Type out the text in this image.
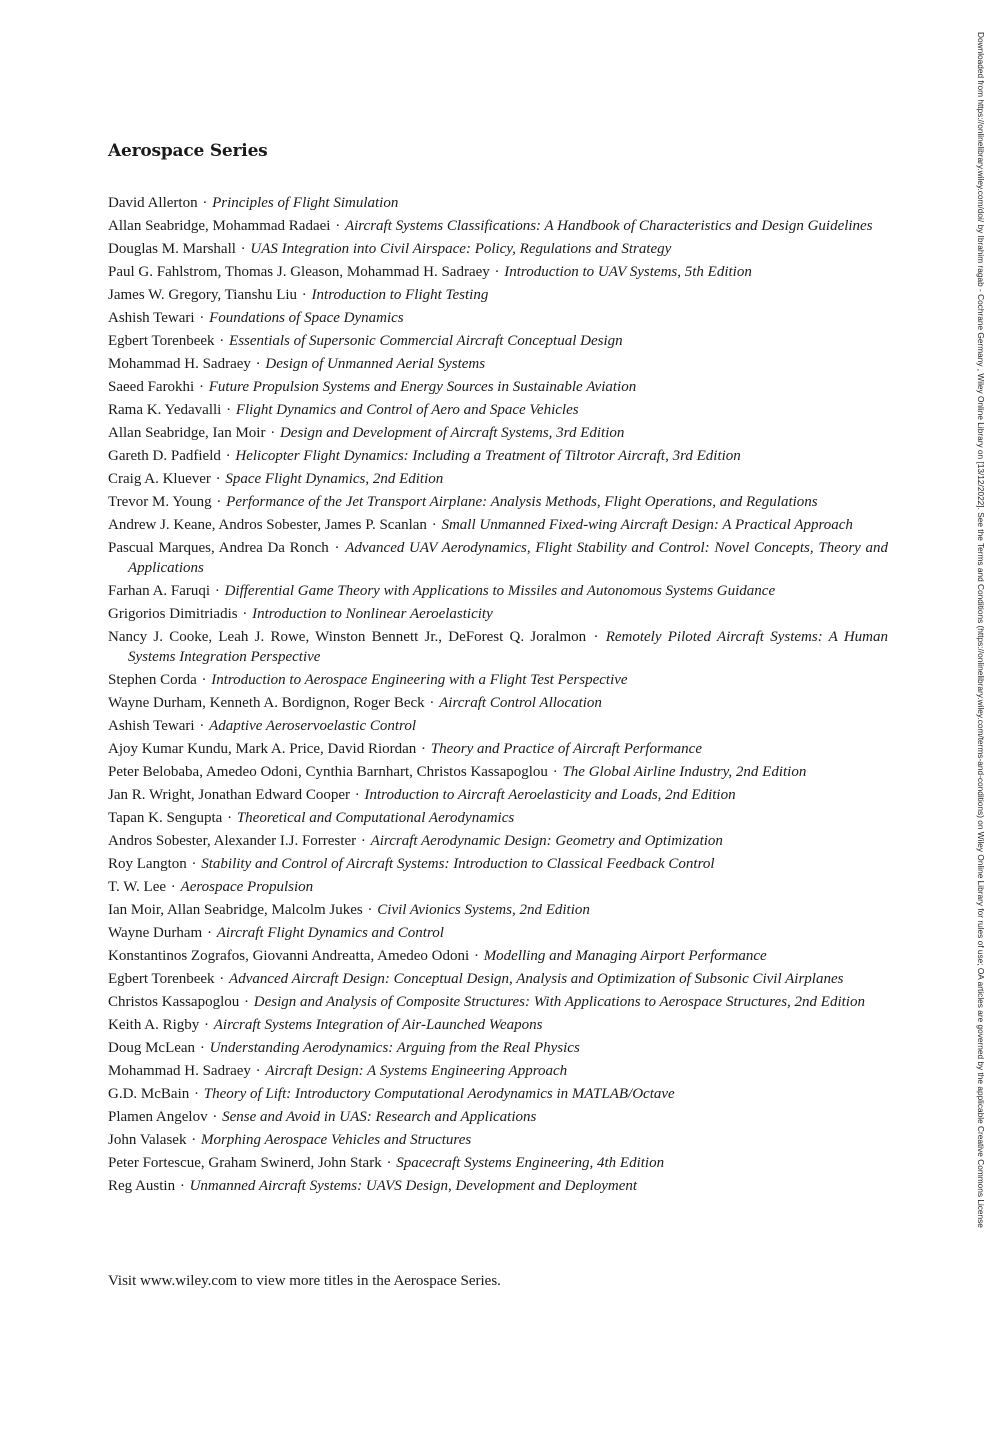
Aerospace Series
David Allerton · Principles of Flight Simulation
Allan Seabridge, Mohammad Radaei · Aircraft Systems Classifications: A Handbook of Characteristics and Design Guidelines
Douglas M. Marshall · UAS Integration into Civil Airspace: Policy, Regulations and Strategy
Paul G. Fahlstrom, Thomas J. Gleason, Mohammad H. Sadraey · Introduction to UAV Systems, 5th Edition
James W. Gregory, Tianshu Liu · Introduction to Flight Testing
Ashish Tewari · Foundations of Space Dynamics
Egbert Torenbeek · Essentials of Supersonic Commercial Aircraft Conceptual Design
Mohammad H. Sadraey · Design of Unmanned Aerial Systems
Saeed Farokhi · Future Propulsion Systems and Energy Sources in Sustainable Aviation
Rama K. Yedavalli · Flight Dynamics and Control of Aero and Space Vehicles
Allan Seabridge, Ian Moir · Design and Development of Aircraft Systems, 3rd Edition
Gareth D. Padfield · Helicopter Flight Dynamics: Including a Treatment of Tiltrotor Aircraft, 3rd Edition
Craig A. Kluever · Space Flight Dynamics, 2nd Edition
Trevor M. Young · Performance of the Jet Transport Airplane: Analysis Methods, Flight Operations, and Regulations
Andrew J. Keane, Andros Sobester, James P. Scanlan · Small Unmanned Fixed-wing Aircraft Design: A Practical Approach
Pascual Marques, Andrea Da Ronch · Advanced UAV Aerodynamics, Flight Stability and Control: Novel Concepts, Theory and Applications
Farhan A. Faruqi · Differential Game Theory with Applications to Missiles and Autonomous Systems Guidance
Grigorios Dimitriadis · Introduction to Nonlinear Aeroelasticity
Nancy J. Cooke, Leah J. Rowe, Winston Bennett Jr., DeForest Q. Joralmon · Remotely Piloted Aircraft Systems: A Human Systems Integration Perspective
Stephen Corda · Introduction to Aerospace Engineering with a Flight Test Perspective
Wayne Durham, Kenneth A. Bordignon, Roger Beck · Aircraft Control Allocation
Ashish Tewari · Adaptive Aeroservoelastic Control
Ajoy Kumar Kundu, Mark A. Price, David Riordan · Theory and Practice of Aircraft Performance
Peter Belobaba, Amedeo Odoni, Cynthia Barnhart, Christos Kassapoglou · The Global Airline Industry, 2nd Edition
Jan R. Wright, Jonathan Edward Cooper · Introduction to Aircraft Aeroelasticity and Loads, 2nd Edition
Tapan K. Sengupta · Theoretical and Computational Aerodynamics
Andros Sobester, Alexander I.J. Forrester · Aircraft Aerodynamic Design: Geometry and Optimization
Roy Langton · Stability and Control of Aircraft Systems: Introduction to Classical Feedback Control
T. W. Lee · Aerospace Propulsion
Ian Moir, Allan Seabridge, Malcolm Jukes · Civil Avionics Systems, 2nd Edition
Wayne Durham · Aircraft Flight Dynamics and Control
Konstantinos Zografos, Giovanni Andreatta, Amedeo Odoni · Modelling and Managing Airport Performance
Egbert Torenbeek · Advanced Aircraft Design: Conceptual Design, Analysis and Optimization of Subsonic Civil Airplanes
Christos Kassapoglou · Design and Analysis of Composite Structures: With Applications to Aerospace Structures, 2nd Edition
Keith A. Rigby · Aircraft Systems Integration of Air-Launched Weapons
Doug McLean · Understanding Aerodynamics: Arguing from the Real Physics
Mohammad H. Sadraey · Aircraft Design: A Systems Engineering Approach
G.D. McBain · Theory of Lift: Introductory Computational Aerodynamics in MATLAB/Octave
Plamen Angelov · Sense and Avoid in UAS: Research and Applications
John Valasek · Morphing Aerospace Vehicles and Structures
Peter Fortescue, Graham Swinerd, John Stark · Spacecraft Systems Engineering, 4th Edition
Reg Austin · Unmanned Aircraft Systems: UAVS Design, Development and Deployment
Visit www.wiley.com to view more titles in the Aerospace Series.
Downloaded from https://onlinelibrary.wiley.com/doi/ by Ibrahim ragab - Cochrane Germany , Wiley Online Library on [13/12/2022]. See the Terms and Conditions (https://onlinelibrary.wiley.com/terms-and-conditions) on Wiley Online Library for rules of use; OA articles are governed by the applicable Creative Commons License
